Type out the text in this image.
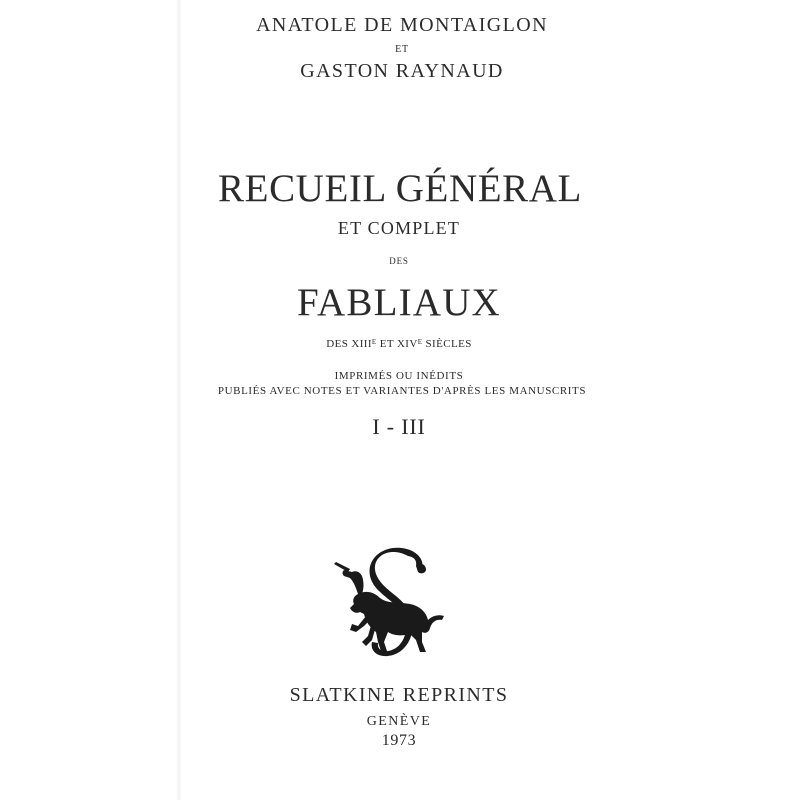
ANATOLE DE MONTAIGLON
ET
GASTON RAYNAUD
RECUEIL GÉNÉRAL
ET COMPLET
DES
FABLIAUX
DES $XIII^E$ ET $XIV^E$ SIÈCLES
IMPRIMÉS OU INÉDITS
PUBLIÉS AVEC NOTES ET VARIANTES D'APRÈS LES MANUSCRITS
I - III
SLATKINE REPRINTS
GENÈVE
1973
